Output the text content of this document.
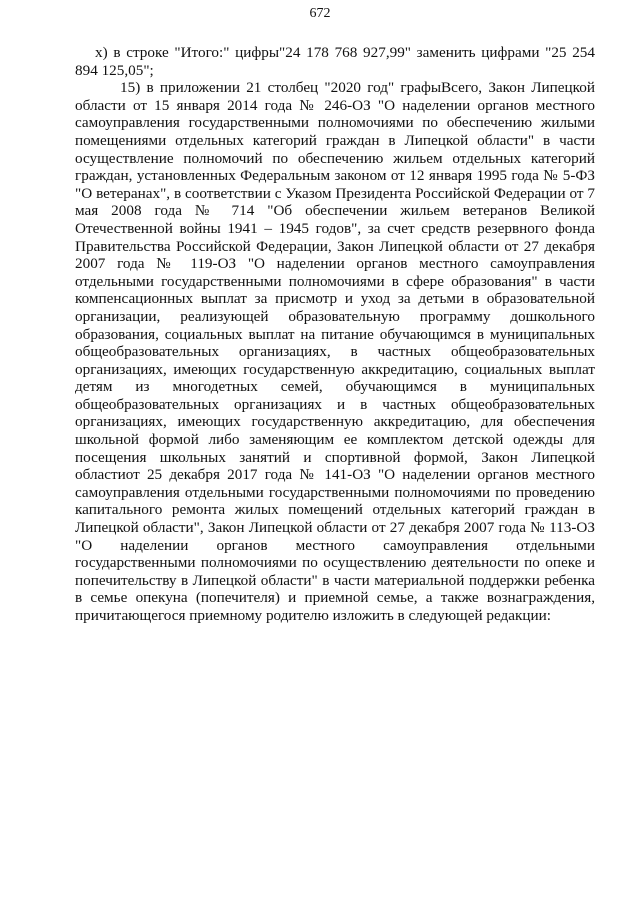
672

х) в строке "Итого:" цифры"24 178 768 927,99" заменить цифрами "25 254 894 125,05";

15) в приложении 21 столбец "2020 год" графыВсего, Закон Липецкой области от 15 января 2014 года № 246-ОЗ "О наделении органов местного самоуправления государственными полномочиями по обеспечению жилыми помещениями отдельных категорий граждан в Липецкой области" в части осуществление полномочий по обеспечению жильем отдельных категорий граждан, установленных Федеральным законом от 12 января 1995 года № 5-ФЗ "О ветеранах", в соответствии с Указом Президента Российской Федерации от 7 мая 2008 года № 714 "Об обеспечении жильем ветеранов Великой Отечественной войны 1941 – 1945 годов", за счет средств резервного фонда Правительства Российской Федерации, Закон Липецкой области от 27 декабря 2007 года № 119-ОЗ "О наделении органов местного самоуправления отдельными государственными полномочиями в сфере образования" в части компенсационных выплат за присмотр и уход за детьми в образовательной организации, реализующей образовательную программу дошкольного образования, социальных выплат на питание обучающимся в муниципальных общеобразовательных организациях, в частных общеобразовательных организациях, имеющих государственную аккредитацию, социальных выплат детям из многодетных семей, обучающимся в муниципальных общеобразовательных организациях и в частных общеобразовательных организациях, имеющих государственную аккредитацию, для обеспечения школьной формой либо заменяющим ее комплектом детской одежды для посещения школьных занятий и спортивной формой, Закон Липецкой областиот 25 декабря 2017 года № 141-ОЗ "О наделении органов местного самоуправления отдельными государственными полномочиями по проведению капитального ремонта жилых помещений отдельных категорий граждан в Липецкой области", Закон Липецкой области от 27 декабря 2007 года № 113-ОЗ "О наделении органов местного самоуправления отдельными государственными полномочиями по осуществлению деятельности по опеке и попечительству в Липецкой области" в части материальной поддержки ребенка в семье опекуна (попечителя) и приемной семье, а также вознаграждения, причитающегося приемному родителю изложить в следующей редакции:
